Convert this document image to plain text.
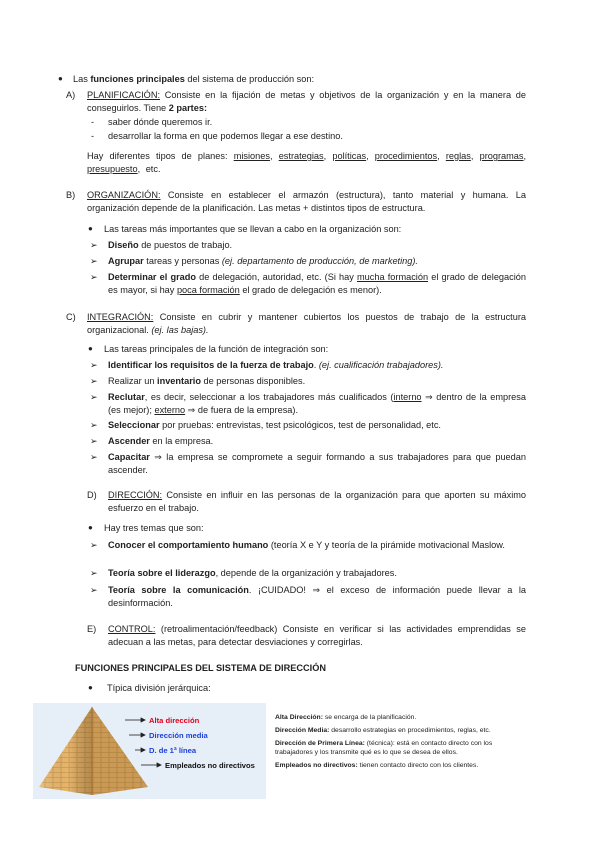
● Las funciones principales del sistema de producción son:
A) PLANIFICACIÓN: Consiste en la fijación de metas y objetivos de la organización y en la manera de conseguirlos. Tiene 2 partes:
- saber dónde queremos ir.
- desarrollar la forma en que podemos llegar a ese destino.
Hay diferentes tipos de planes: misiones, estrategias, políticas, procedimientos, reglas, programas, presupuesto, etc.
B) ORGANIZACIÓN: Consiste en establecer el armazón (estructura), tanto material y humana. La organización depende de la planificación. Las metas + distintos tipos de estructura.
● Las tareas más importantes que se llevan a cabo en la organización son:
➢ Diseño de puestos de trabajo.
➢ Agrupar tareas y personas (ej. departamento de producción, de marketing).
➢ Determinar el grado de delegación, autoridad, etc. (Si hay mucha formación el grado de delegación es mayor, si hay poca formación el grado de delegación es menor).
C) INTEGRACIÓN: Consiste en cubrir y mantener cubiertos los puestos de trabajo de la estructura organizacional. (ej. las bajas).
● Las tareas principales de la función de integración son:
➢ Identificar los requisitos de la fuerza de trabajo. (ej. cualificación trabajadores).
➢ Realizar un inventario de personas disponibles.
➢ Reclutar, es decir, seleccionar a los trabajadores más cualificados (interno ⇒ dentro de la empresa (es mejor); externo ⇒ de fuera de la empresa).
➢ Seleccionar por pruebas: entrevistas, test psicológicos, test de personalidad, etc.
➢ Ascender en la empresa.
➢ Capacitar ⇒ la empresa se compromete a seguir formando a sus trabajadores para que puedan ascender.
D) DIRECCIÓN: Consiste en influir en las personas de la organización para que aporten su máximo esfuerzo en el trabajo.
● Hay tres temas que son:
➢ Conocer el comportamiento humano (teoría X e Y y teoría de la pirámide motivacional Maslow.
➢ Teoría sobre el liderazgo, depende de la organización y trabajadores.
➢ Teoría sobre la comunicación. ¡CUIDADO! ⇒ el exceso de información puede llevar a la desinformación.
E) CONTROL: (retroalimentación/feedback) Consiste en verificar si las actividades emprendidas se adecuan a las metas, para detectar desviaciones y corregirlas.
FUNCIONES PRINCIPALES DEL SISTEMA DE DIRECCIÓN
● Típica división jerárquica:
Alta dirección
Dirección media
D. de 1ª línea
Empleados no directivos

Alta Dirección: se encarga de la planificación.

Dirección Media: desarrollo estrategias en procedimientos, reglas, etc.

Dirección de Primera Línea: (técnica): está en contacto directo con los trabajadores y los transmite qué es lo que se desea de ellos.

Empleados no directivos: tienen contacto directo con los clientes.
